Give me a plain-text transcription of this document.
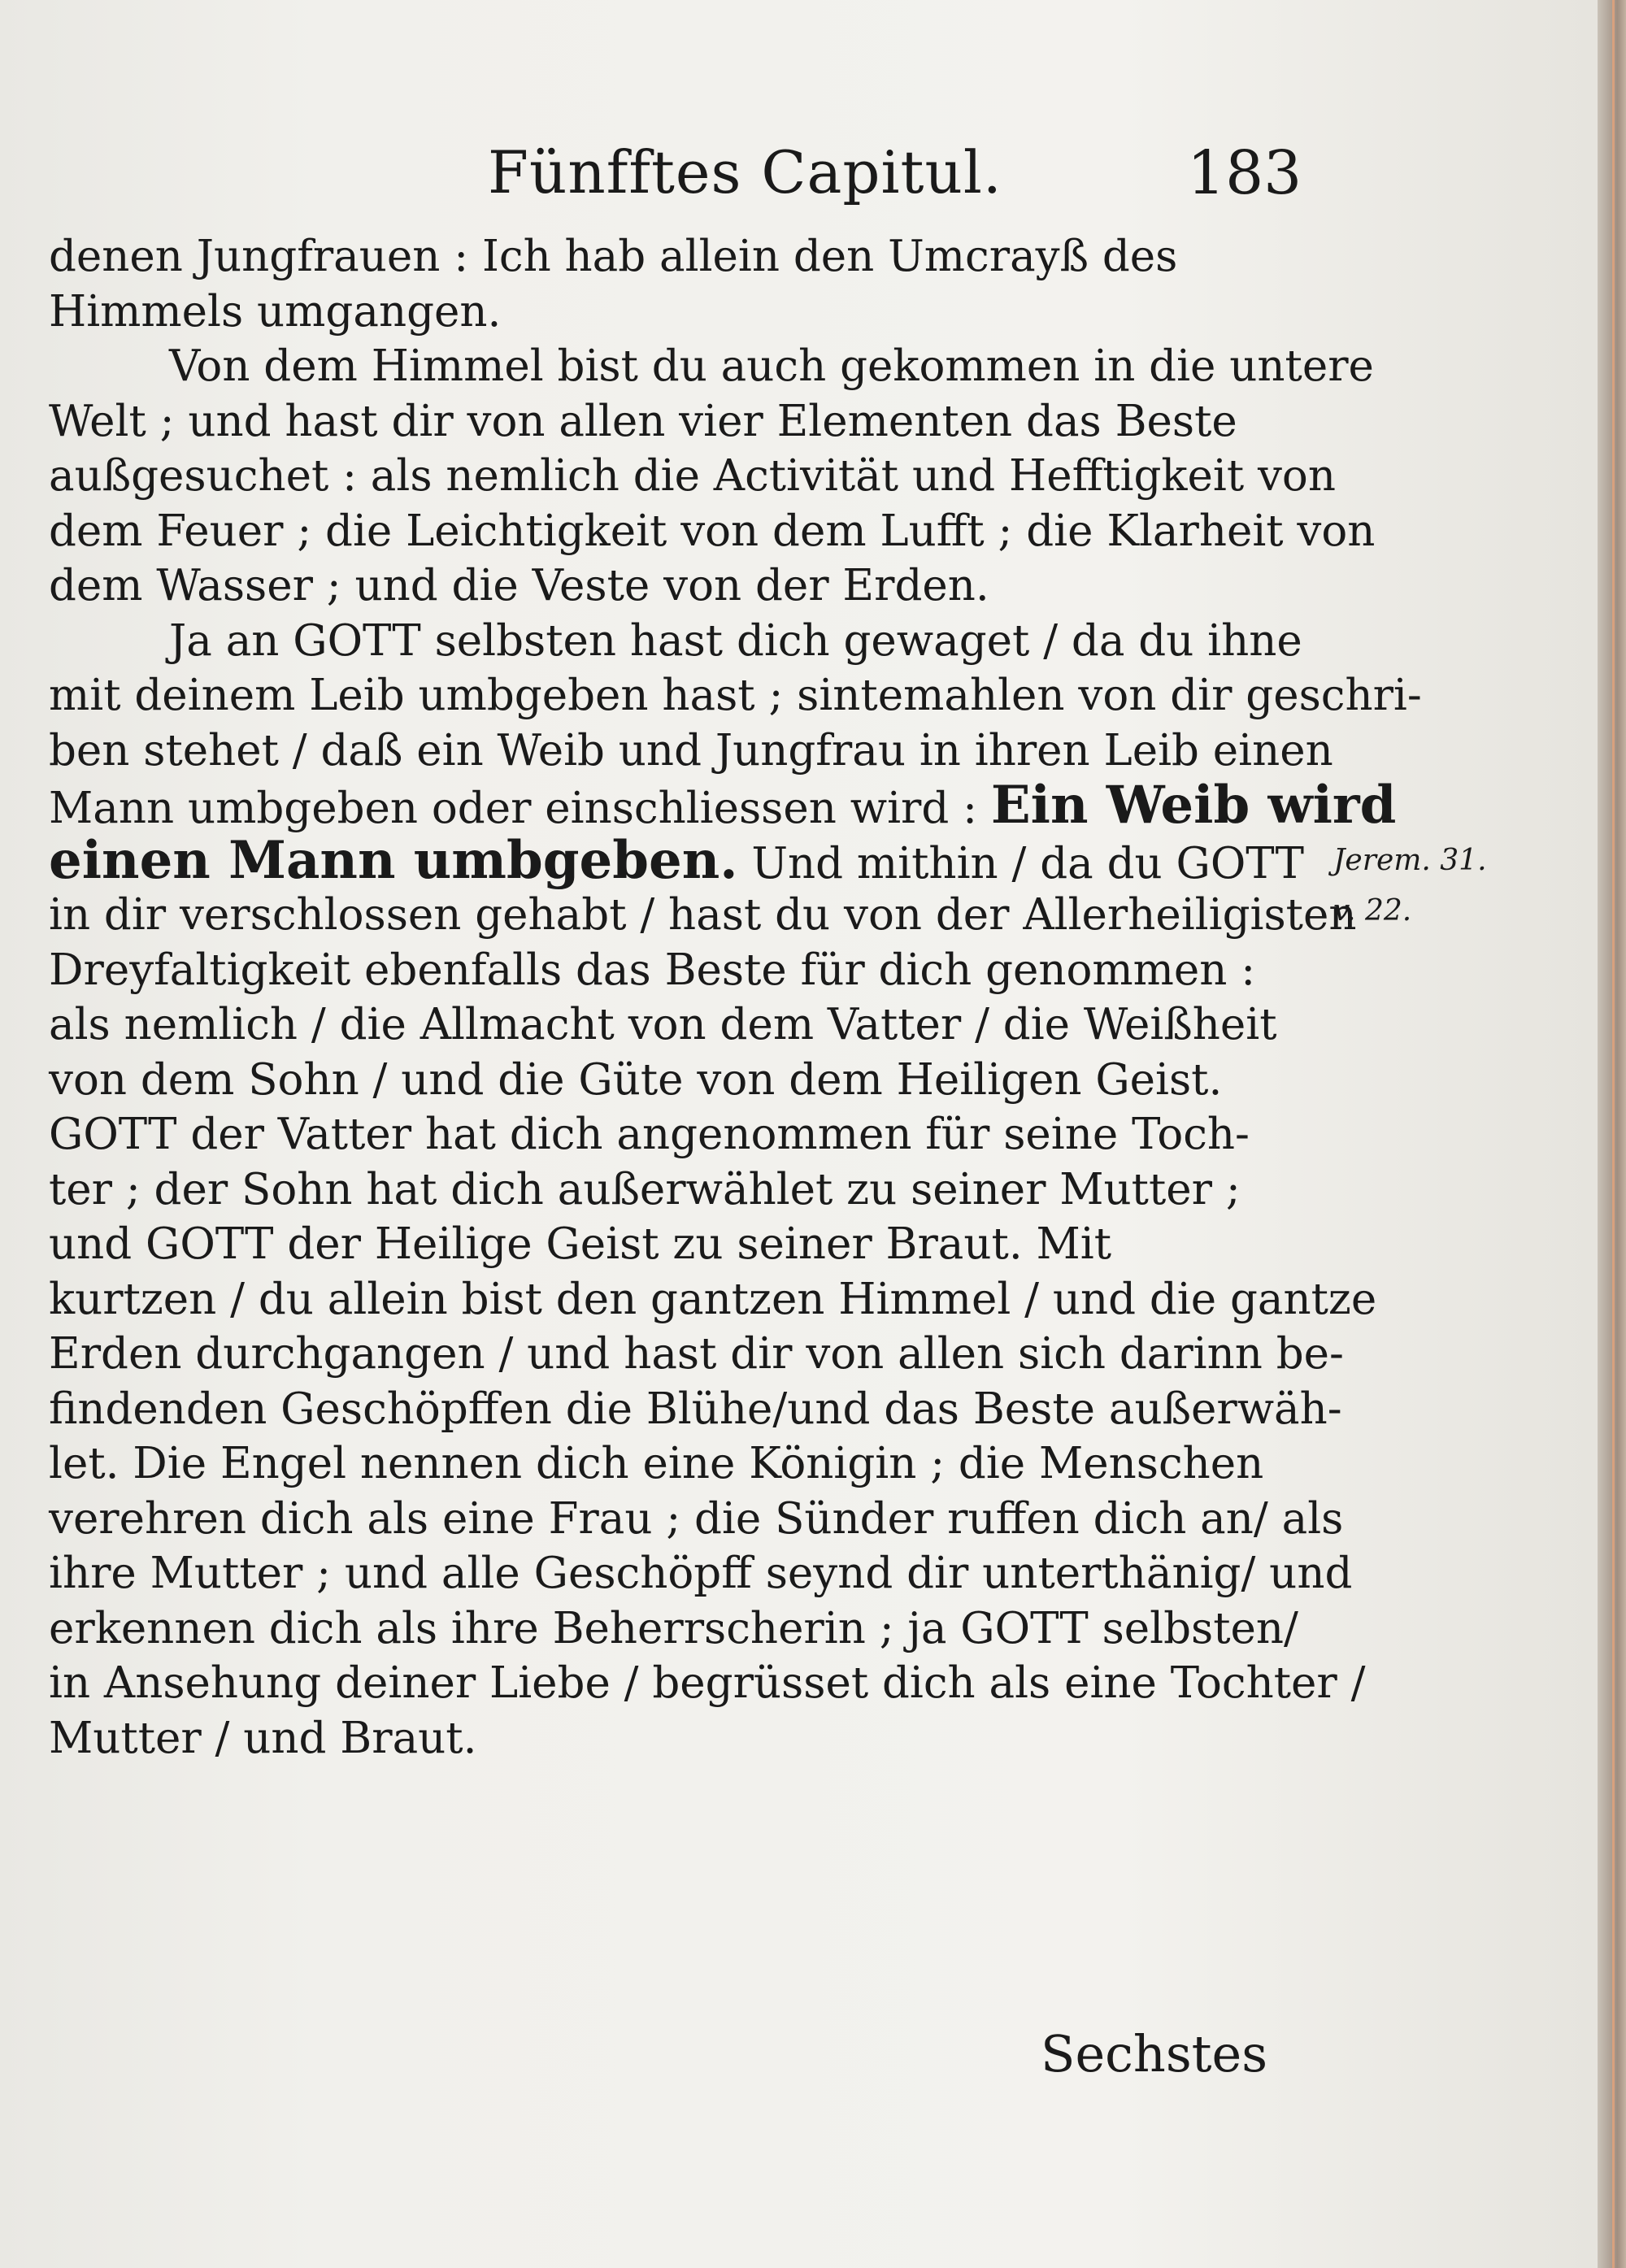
Fünfftes Capitul.	183
denen Jungfrauen : Ich hab allein den Umcrayß des
Himmels umgangen.
Von dem Himmel bist du auch gekommen in die untere
Welt ; und hast dir von allen vier Elementen das Beste
außgesuchet : als nemlich die Activität und Hefftigkeit von
dem Feuer ; die Leichtigkeit von dem Lufft ; die Klarheit von
dem Wasser ; und die Veste von der Erden.
Ja an GOTT selbsten hast dich gewaget / da du ihne
mit deinem Leib umbgeben hast ; sintemahlen von dir geschri-
ben stehet / daß ein Weib und Jungfrau in ihren Leib einen
Mann umbgeben oder einschliessen wird : Ein Weib wird
einen Mann umbgeben. Und mithin / da du GOTT
in dir verschlossen gehabt / hast du von der Allerheiligisten
Dreyfaltigkeit ebenfalls das Beste für dich genommen :
als nemlich / die Allmacht von dem Vatter / die Weißheit
von dem Sohn / und die Güte von dem Heiligen Geist.
GOTT der Vatter hat dich angenommen für seine Toch-
ter ; der Sohn hat dich außerwählet zu seiner Mutter ;
und GOTT der Heilige Geist zu seiner Braut. Mit
kurtzen / du allein bist den gantzen Himmel / und die gantze
Erden durchgangen / und hast dir von allen sich darinn be-
findenden Geschöpffen die Blühe/und das Beste außerwäh-
let. Die Engel nennen dich eine Königin ; die Menschen
verehren dich als eine Frau ; die Sünder ruffen dich an/ als
ihre Mutter ; und alle Geschöpff seynd dir unterthänig/ und
erkennen dich als ihre Beherrscherin ; ja GOTT selbsten/
in Ansehung deiner Liebe / begrüsset dich als eine Tochter /
Mutter / und Braut.
Jerem. 31.
v. 22.

Sechstes
